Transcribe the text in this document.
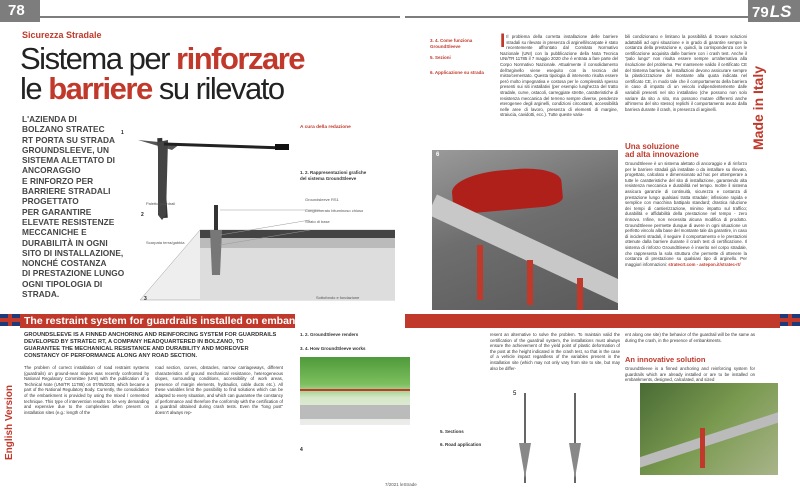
78
Sicurezza Stradale
Sistema per rinforzare
le barriere su rilevato
L'AZIENDA DI
BOLZANO STRATEC
RT PORTA SU STRADA
GROUNDSLEEVE, UN
SISTEMA ALETTATO DI
ANCORAGGIO
E RINFORZO PER
BARRIERE STRADALI
PROGETTATO
PER GARANTIRE
ELEVATE RESISTENZE
MECCANICHE E
DURABILITÀ IN OGNI
SITO DI INSTALLAZIONE,
NONCHÉ COSTANZA
DI PRESTAZIONE LUNGO
OGNI TIPOLOGIA DI
STRADA.
A cura della redazione
1
1. 2. Rappresentazioni grafiche
del sistema GroundSleeve
Paletto guardrail
Groundsleeve RS1
Conglomerato bituminoso chiuso
Strato di base
Scarpata terra/gabbia
Sottofondo e fondazione
2
3
79LS
3. 4. Come funziona GroundSleeve
5. Sezioni
6. Applicazione su strada
I Il problema della corretta installazione delle barriere stradali su rilevato in presenza di arginelli/scarpate è stato recentemente affrontato dal Comitato Normativo Nazionale (UNI) con la pubblicazione della Nota Tecnica UNI/TR 11785 il 7 maggio 2020 che è entrata a fare parte del Corpo Normativo Nazionale. Attualmente il consolidamento dell'arginello viene eseguito con la tecnica del misto/cementato. Questa tipologia di intervento risulta essere però molto impegnativa e costosa per le complessità spesso presenti sui siti installativi (per esempio lunghezza del tratto stradale, curve, ostacoli, carreggiate strette, caratteristiche di resistenza meccanica del terreno sempre diverse, pendenze eterogenee degli arginelli, condizioni circostanti, accessibilità nelle aree di lavoro, presenza di elementi di margine, straiucia, cavidotti, ecc.). Tutte queste varia-
bili condizionano e limitano la possibilità di trovare soluzioni adattabili ad ogni situazione e in grado di garantire sempre la costanza della prestazione e, quindi, la corrispondenza con le certificazione acquisita dalle barriere con i crash test. Anche il "palo lungo" non risulta essere sempre un'alternativa alla risoluzione del problema. Per mantenere valido il certificato CE del Sistema barriera, le installazioni devono assicurare sempre la plasticizzazione del montante alla quota indicata nel certificato CE, in modo tale che il comportamento della barriera in caso di impatto di un veicolo indipendentemente dalle variabili presenti nel sito installativo (che possono non solo variare da sito a sito, ma possono mutare differenti anche all'interno del sito stesso) replichi il comportamento avuto dalla barriera durante il crash, in presenza di arginelli.	Made in Italy
6
Una soluzione
ad alta innovazione
GroundSleeve è un sistema alettato di ancoraggio e di rinforzo per le barriere stradali già installate o da installare su rilevato, progettato, calcolato e dimensionato ad hoc per ottemperare a tutte le caratteristiche del sito di installazione, garantendo alta resistenza meccanica e durabilità nel tempo. Inoltre il sistema assicura garanzie di continuità, sicurezza e costanza di prestazione lungo qualsiasi tratta stradale; infissione rapida e semplice con macchina battipalo standard; drastica riduzione dei tempi di cantierizzazione, minimo impatto sul traffico; durabilità e affidabilità della prestazione nel tempo - zero rinnovo. Infine, non necessita alcuna modifica di prodotto. GroundSleeve permette dunque di avere in ogni situazione un perfetto vincolo alla base del montante tale da garantire, in caso di incidenti stradali, il seguire il comportamento e le prestazioni ottenute dalla barriere durante il crash test di certificazione. Il sistema di rinforzo GroundSleeve è inserito nel corpo stradale, che rappresenta la sola struttura che permette di ottenere la costanza di prestazione su qualsiasi tipo di arginello. Per maggiori informazioni: stratecrt.com - astepon.it/stratec-rt/
The restraint system for guardrails installed on embankments
English Version
GROUNDSLEEVE IS A FINNED ANCHORING AND REINFORCING SYSTEM FOR GUARDRAILS DEVELOPED BY STRATEC RT, A COMPANY HEADQUARTERED IN BOLZANO, TO GUARANTEE THE MECHANICAL RESISTANCE AND DURABILITY AND MOREOVER CONSTANCY OF PERFORMANCE ALONG ANY ROAD SECTION.
The problem of correct installation of road restraint systems (guardrails) on ground-near slopes was recently confronted by National Regulatory Committee (UNI) with the publication of a Technical Note (UNI/TR 11785) on 07/05/2020, which became a part of the National Regulatory Body. Currently, the consolidation of the embankment is provided by using the mixed / cemented technique. This type of intervention results to be very demanding and expensive due to the complexities often present on installation sites (e.g.: length of the
road section, curves, obstacles, narrow carriageways, different characteristics of ground mechanical resistance, heterogeneous slopes, surrounding conditions, accessibility of work areas, presence of margin elements, hydraulics, cable ducts etc.). All these variables limit the possibility to find solutions which can be adapted to every situation, and which can guarantee the constancy of performance and therefore the conformity with the certification of a guardrail obtained during crash tests. Even the "long post" doesn't always rep-
1. 2. GroundSleeve renders
3. 4. How GroundSleeve works
5. Sections
6. Road application
4
resent an alternative to solve the problem. To maintain valid the certification of the guardrail system, the installations must always ensure the achievement of the yield point of plastic deformation of the post at the height indicated in the crash test, so that in the case of a vehicle impact regardless of the variables present in the installation site (which may not only vary from site to site, but may also be differ-
ent along one site) the behavior of the guardrail will be the same as during the crash, in the presence of embankments.
An innovative solution
GroundSleeve is a finned anchoring and reinforcing system for guardrails which are already installed or are to be installed on embankments, designed, calculated, and sized
5
7/2021 leStrade
